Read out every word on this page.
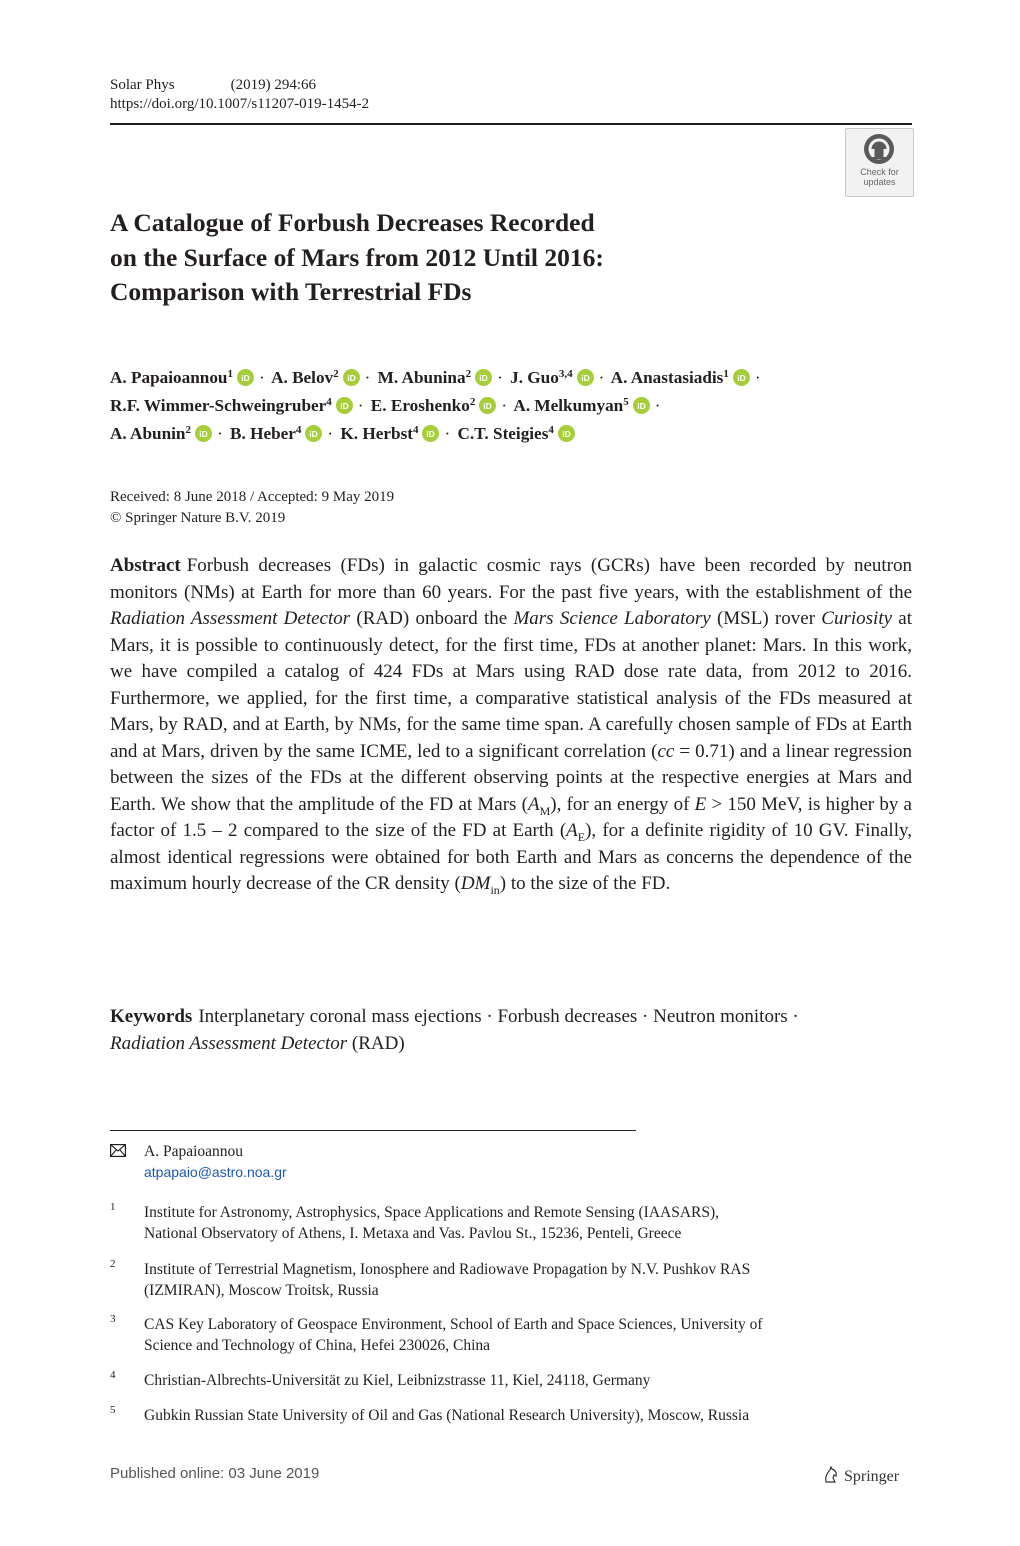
Solar Phys	(2019) 294:66
https://doi.org/10.1007/s11207-019-1454-2
Check for
updates
A Catalogue of Forbush Decreases Recorded
on the Surface of Mars from 2012 Until 2016:
Comparison with Terrestrial FDs
A. Papaioannou$^1$ iD · A. Belov$^2$ iD · M. Abunina$^2$ iD · J. Guo$^{3,4}$ iD · A. Anastasiadis$^1$ iD ·
R.F. Wimmer-Schweingruber$^4$ iD · E. Eroshenko$^2$ iD · A. Melkumyan$^5$ iD ·
A. Abunin$^2$ iD · B. Heber$^4$ iD · K. Herbst$^4$ iD · C.T. Steigies$^4$ iD
Received: 8 June 2018 / Accepted: 9 May 2019
© Springer Nature B.V. 2019
Abstract Forbush decreases (FDs) in galactic cosmic rays (GCRs) have been recorded by neutron monitors (NMs) at Earth for more than 60 years. For the past five years, with the establishment of the Radiation Assessment Detector (RAD) onboard the Mars Science Laboratory (MSL) rover Curiosity at Mars, it is possible to continuously detect, for the first time, FDs at another planet: Mars. In this work, we have compiled a catalog of 424 FDs at Mars using RAD dose rate data, from 2012 to 2016. Furthermore, we applied, for the first time, a comparative statistical analysis of the FDs measured at Mars, by RAD, and at Earth, by NMs, for the same time span. A carefully chosen sample of FDs at Earth and at Mars, driven by the same ICME, led to a significant correlation (cc = 0.71) and a linear regression between the sizes of the FDs at the different observing points at the respective energies at Mars and Earth. We show that the amplitude of the FD at Mars $(A_M)$, for an energy of E > 150 MeV, is higher by a factor of 1.5 – 2 compared to the size of the FD at Earth $(A_E)$, for a definite rigidity of 10 GV. Finally, almost identical regressions were obtained for both Earth and Mars as concerns the dependence of the maximum hourly decrease of the CR density $(DM_{in})$ to the size of the FD.
Keywords Interplanetary coronal mass ejections · Forbush decreases · Neutron monitors ·
Radiation Assessment Detector (RAD)
A. Papaioannou
atpapaio@astro.noa.gr
1 Institute for Astronomy, Astrophysics, Space Applications and Remote Sensing (IAASARS),
National Observatory of Athens, I. Metaxa and Vas. Pavlou St., 15236, Penteli, Greece
2 Institute of Terrestrial Magnetism, Ionosphere and Radiowave Propagation by N.V. Pushkov RAS
(IZMIRAN), Moscow Troitsk, Russia
3 CAS Key Laboratory of Geospace Environment, School of Earth and Space Sciences, University of
Science and Technology of China, Hefei 230026, China
4 Christian-Albrechts-Universität zu Kiel, Leibnizstrasse 11, Kiel, 24118, Germany
5 Gubkin Russian State University of Oil and Gas (National Research University), Moscow, Russia
Published online: 03 June 2019	Springer
